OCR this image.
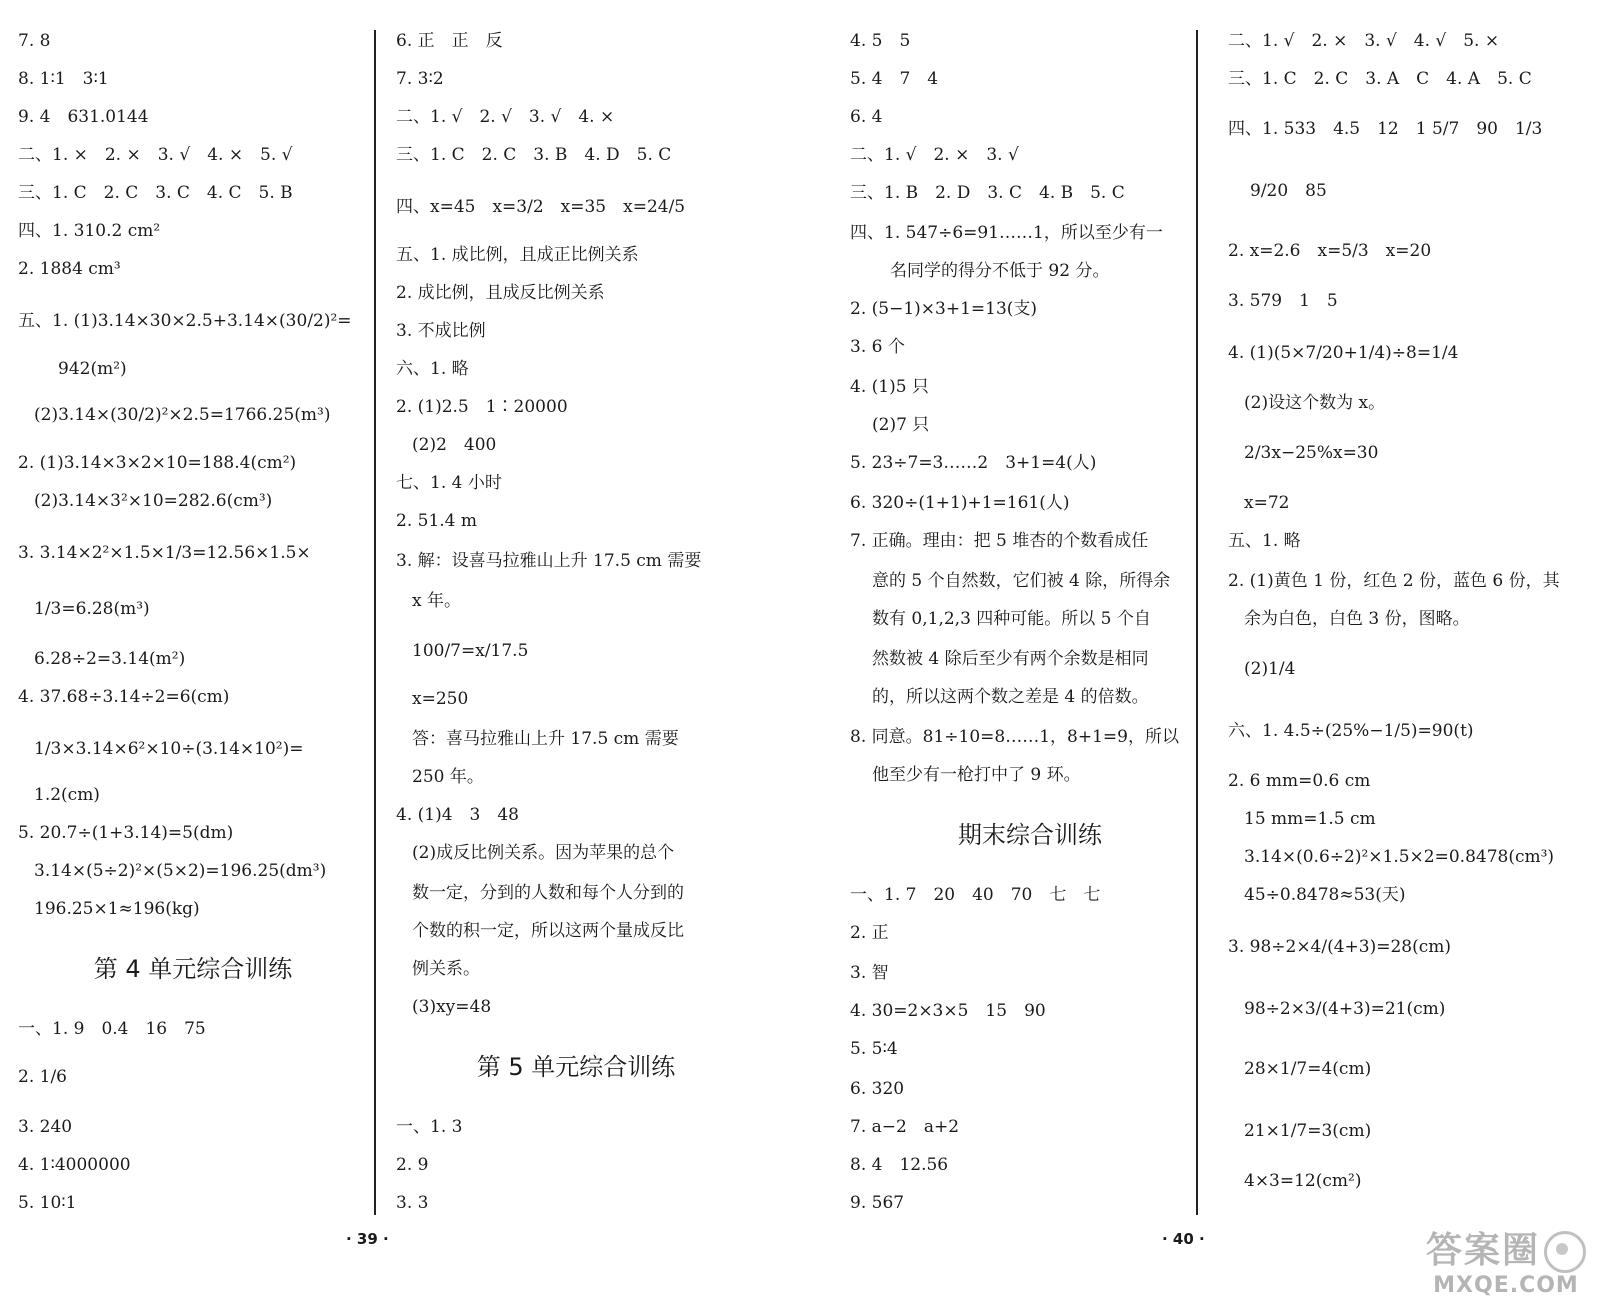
7. 8
8. 1∶1　3∶1
9. 4　631.0144
二、1. ×　2. ×　3. √　4. ×　5. √
三、1. C　2. C　3. C　4. C　5. B
四、1. 310.2 cm²
2. 1884 cm³
五、1. (1)3.14×30×2.5+3.14×(30/2)²=
942(m²)
(2)3.14×(30/2)²×2.5=1766.25(m³)
2. (1)3.14×3×2×10=188.4(cm²)
(2)3.14×3²×10=282.6(cm³)
3. 3.14×2²×1.5×1/3=12.56×1.5×
1/3=6.28(m³)
6.28÷2=3.14(m²)
4. 37.68÷3.14÷2=6(cm)
1/3×3.14×6²×10÷(3.14×10²)=
1.2(cm)
5. 20.7÷(1+3.14)=5(dm)
3.14×(5÷2)²×(5×2)=196.25(dm³)
196.25×1≈196(kg)
第 4 单元综合训练
一、1. 9　0.4　16　75
2. 1/6
3. 240
4. 1∶4000000
5. 10∶1
6. 正　正　反
7. 3∶2
二、1. √　2. √　3. √　4. ×
三、1. C　2. C　3. B　4. D　5. C
四、x=45　x=3/2　x=35　x=24/5
五、1. 成比例，且成正比例关系
2. 成比例，且成反比例关系
3. 不成比例
六、1. 略
2. (1)2.5　1∶20000
(2)2　400
七、1. 4 小时
2. 51.4 m
3. 解：设喜马拉雅山上升 17.5 cm 需要
x 年。
100/7=x/17.5
x=250
答：喜马拉雅山上升 17.5 cm 需要
250 年。
4. (1)4　3　48
(2)成反比例关系。因为苹果的总个
数一定，分到的人数和每个人分到的
个数的积一定，所以这两个量成反比
例关系。
(3)xy=48
第 5 单元综合训练
一、1. 3
2. 9
3. 3
4. 5　5
5. 4　7　4
6. 4
二、1. √　2. ×　3. √
三、1. B　2. D　3. C　4. B　5. C
四、1. 547÷6=91……1，所以至少有一
名同学的得分不低于 92 分。
2. (5−1)×3+1=13(支)
3. 6 个
4. (1)5 只
(2)7 只
5. 23÷7=3……2　3+1=4(人)
6. 320÷(1+1)+1=161(人)
7. 正确。理由：把 5 堆杏的个数看成任
意的 5 个自然数，它们被 4 除，所得余
数有 0,1,2,3 四种可能。所以 5 个自
然数被 4 除后至少有两个余数是相同
的，所以这两个数之差是 4 的倍数。
8. 同意。81÷10=8……1，8+1=9，所以
他至少有一枪打中了 9 环。
期末综合训练
一、1. 7　20　40　70　七　七
2. 正
3. 智
4. 30=2×3×5　15　90
5. 5∶4
6. 320
7. a−2　a+2
8. 4　12.56
9. 567
二、1. √　2. ×　3. √　4. √　5. ×
三、1. C　2. C　3. A　C　4. A　5. C
四、1. 533　4.5　12　1 5/7　90　1/3
9/20　85
2. x=2.6　x=5/3　x=20
3. 579　1　5
4. (1)(5×7/20+1/4)÷8=1/4
(2)设这个数为 x。
2/3x−25%x=30
x=72
五、1. 略
2. (1)黄色 1 份，红色 2 份，蓝色 6 份，其
余为白色，白色 3 份，图略。
(2)1/4
六、1. 4.5÷(25%−1/5)=90(t)
2. 6 mm=0.6 cm
15 mm=1.5 cm
3.14×(0.6÷2)²×1.5×2=0.8478(cm³)
45÷0.8478≈53(天)
3. 98÷2×4/(4+3)=28(cm)
98÷2×3/(4+3)=21(cm)
28×1/7=4(cm)
21×1/7=3(cm)
4×3=12(cm²)
· 39 ·	· 40 ·	答案圈
MXQE.COM
